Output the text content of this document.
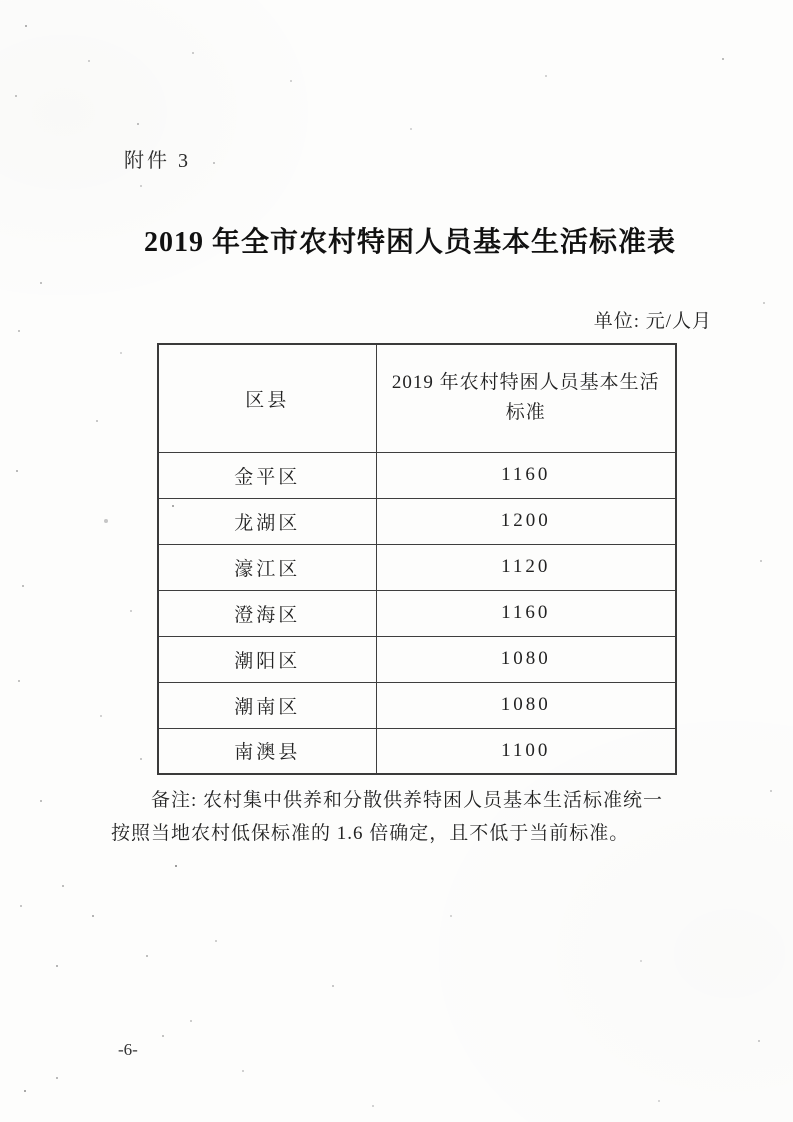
附件 3
2019 年全市农村特困人员基本生活标准表
单位: 元/人月
区县	2019 年农村特困人员基本生活标准
金平区	1160
龙湖区	1200
濠江区	1120
澄海区	1160
潮阳区	1080
潮南区	1080
南澳县	1100
备注: 农村集中供养和分散供养特困人员基本生活标准统一
按照当地农村低保标准的 1.6 倍确定，且不低于当前标准。
-6-
